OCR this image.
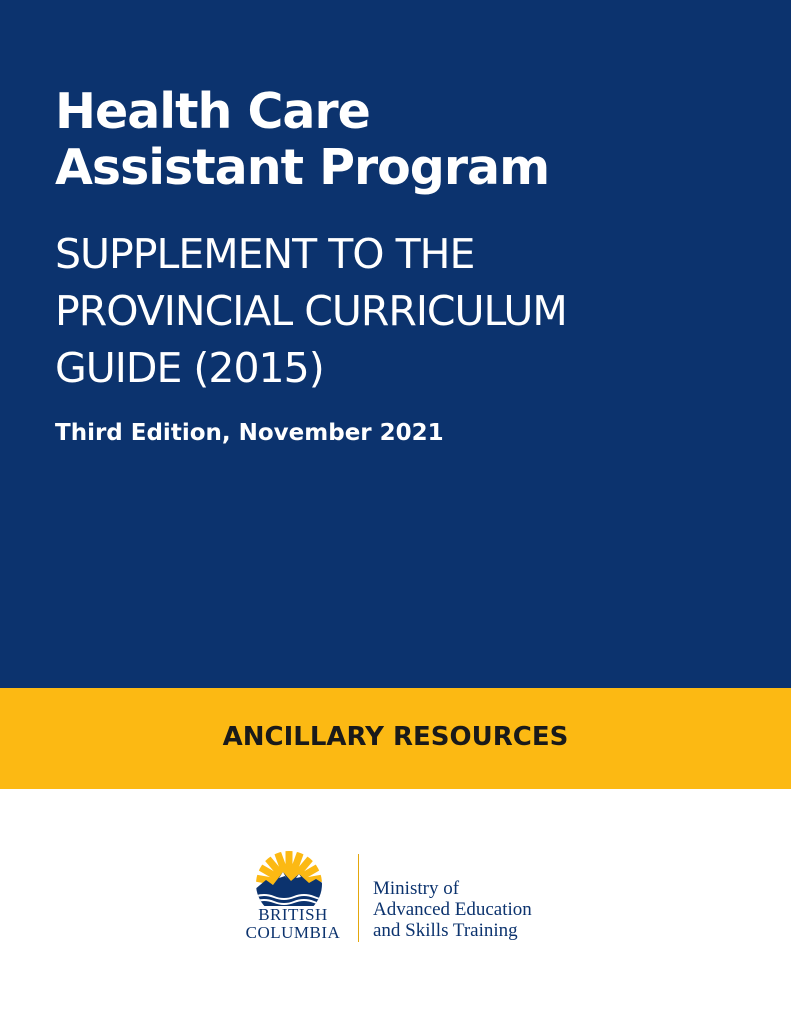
Health Care
Assistant Program
SUPPLEMENT TO THE
PROVINCIAL CURRICULUM
GUIDE (2015)

Third Edition, November 2021

ANCILLARY RESOURCES
BRITISH
COLUMBIA
Ministry of
Advanced Education
and Skills Training
